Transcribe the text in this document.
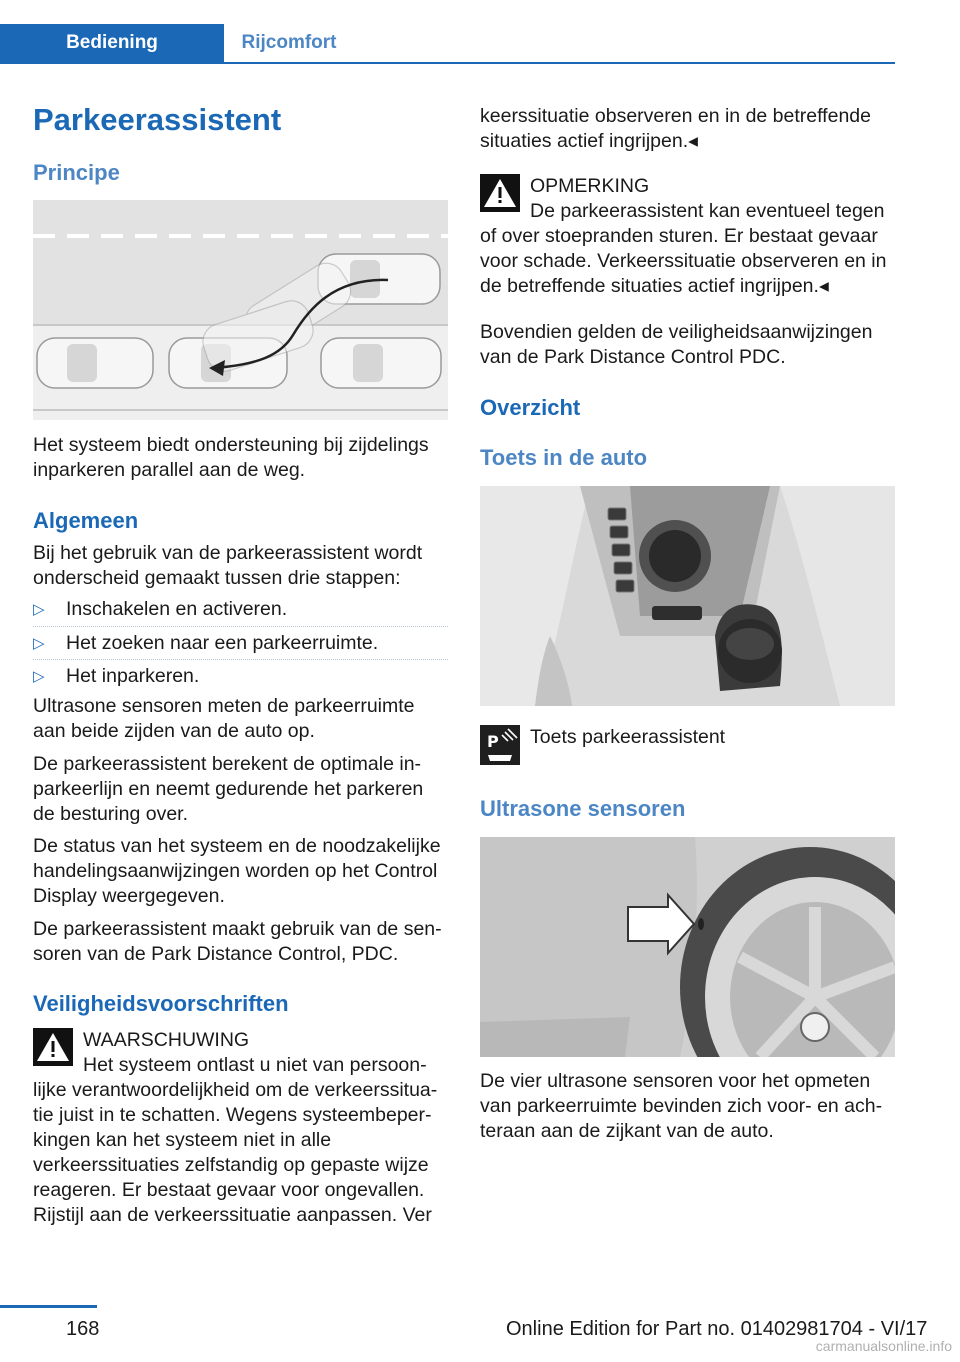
Bediening	Rijcomfort
Parkeerassistent
Principe
Het systeem biedt ondersteuning bij zijdelings inparkeren parallel aan de weg.
Algemeen
Bij het gebruik van de parkeerassistent wordt onderscheid gemaakt tussen drie stappen:
▷ Inschakelen en activeren.
▷ Het zoeken naar een parkeerruimte.
▷ Het inparkeren.
Ultrasone sensoren meten de parkeerruimte aan beide zijden van de auto op.
De parkeerassistent berekent de optimale inparkeerlijn en neemt gedurende het parkeren de besturing over.
De status van het systeem en de noodzakelijke handelingsaanwijzingen worden op het Control Display weergegeven.
De parkeerassistent maakt gebruik van de sensoren van de Park Distance Control, PDC.
Veiligheidsvoorschriften
WAARSCHUWING
Het systeem ontlast u niet van persoonlijke verantwoordelijkheid om de verkeerssituatie juist in te schatten. Wegens systeembeperkingen kan het systeem niet in alle verkeerssituaties zelfstandig op gepaste wijze reageren. Er bestaat gevaar voor ongevallen. Rijstijl aan de verkeerssituatie aanpassen. Ver
keerssituatie observeren en in de betreffende situaties actief ingrijpen.◂
OPMERKING
De parkeerassistent kan eventueel tegen of over stoepranden sturen. Er bestaat gevaar voor schade. Verkeerssituatie observeren en in de betreffende situaties actief ingrijpen.◂
Bovendien gelden de veiligheidsaanwijzingen van de Park Distance Control PDC.
Overzicht
Toets in de auto
P Toets parkeerassistent
Ultrasone sensoren
De vier ultrasone sensoren voor het opmeten van parkeerruimte bevinden zich voor- en achteraan aan de zijkant van de auto.
168	Online Edition for Part no. 01402981704 - VI/17
carmanualsonline.info
